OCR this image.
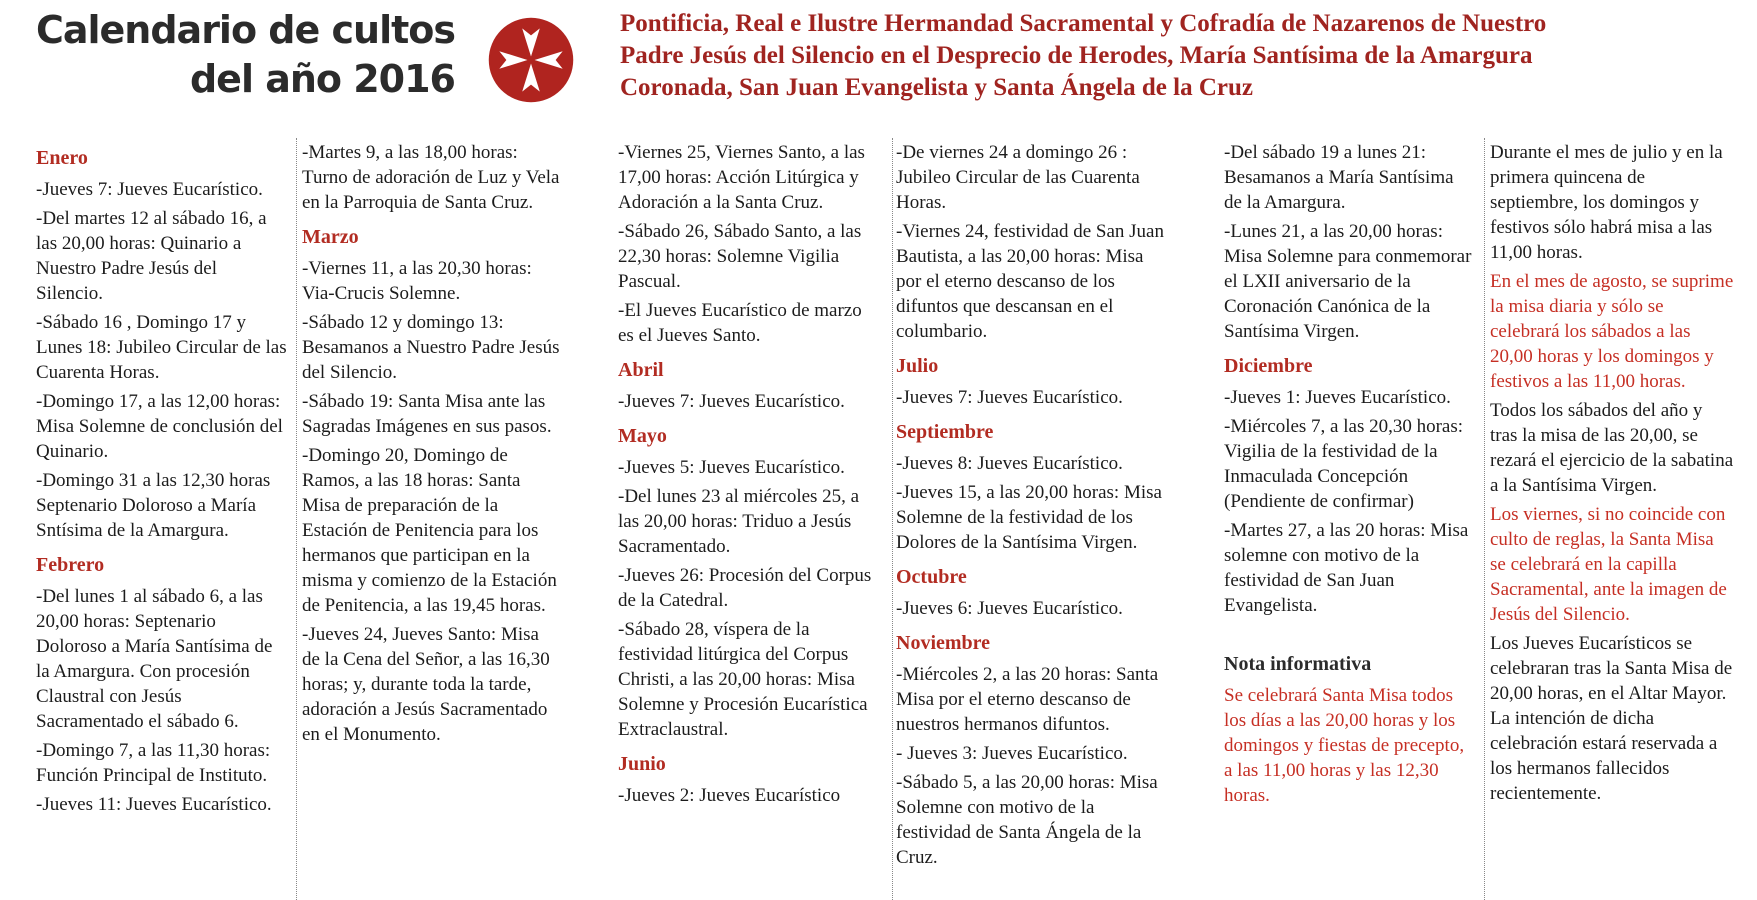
Calendario de cultos
del año 2016
Pontificia, Real e Ilustre Hermandad Sacramental y Cofradía de Nazarenos de Nuestro
Padre Jesús del Silencio en el Desprecio de Herodes, María Santísima de la Amargura
Coronada, San Juan Evangelista y Santa Ángela de la Cruz

Enero

-Jueves 7: Jueves Eucarístico.

-Del martes 12 al sábado 16, a las 20,00 horas: Quinario a Nuestro Padre Jesús del Silencio.

-Sábado 16 , Domingo 17 y Lunes 18: Jubileo Circular de las Cuarenta Horas.

-Domingo 17, a las 12,00 horas: Misa Solemne de conclusión del Quinario.

-Domingo 31 a las 12,30 horas Septenario Doloroso a María Sntísima de la Amargura.

Febrero

-Del lunes 1 al sábado 6, a las 20,00 horas: Septenario Doloroso a María Santísima de la Amargura. Con procesión Claustral con Jesús Sacramentado el sábado 6.

-Domingo 7, a las 11,30 horas: Función Principal de Instituto.

-Jueves 11: Jueves Eucarístico.

-Martes 9, a las 18,00 horas: Turno de adoración de Luz y Vela en la Parroquia de Santa Cruz.

Marzo

-Viernes 11, a las 20,30 horas: Via-Crucis Solemne.

-Sábado 12 y domingo 13: Besamanos a Nuestro Padre Jesús del Silencio.

-Sábado 19: Santa Misa ante las Sagradas Imágenes en sus pasos.

-Domingo 20, Domingo de Ramos, a las 18 horas: Santa Misa de preparación de la Estación de Penitencia para los hermanos que participan en la misma y comienzo de la Estación de Penitencia, a las 19,45 horas.

-Jueves 24, Jueves Santo: Misa de la Cena del Señor, a las 16,30 horas; y, durante toda la tarde, adoración a Jesús Sacramentado en el Monumento.

-Viernes 25, Viernes Santo, a las 17,00 horas: Acción Litúrgica y Adoración a la Santa Cruz.

-Sábado 26, Sábado Santo, a las 22,30 horas: Solemne Vigilia Pascual.

-El Jueves Eucarístico de marzo es el Jueves Santo.

Abril

-Jueves 7: Jueves Eucarístico.

Mayo

-Jueves 5: Jueves Eucarístico.

-Del lunes 23 al miércoles 25, a las 20,00 horas: Triduo a Jesús Sacramentado.

-Jueves 26: Procesión del Corpus de la Catedral.

-Sábado 28, víspera de la festividad litúrgica del Corpus Christi, a las 20,00 horas: Misa Solemne y Procesión Eucarística Extraclaustral.

Junio

-Jueves 2: Jueves Eucarístico

-De viernes 24 a domingo 26 : Jubileo Circular de las Cuarenta Horas.

-Viernes 24, festividad de San Juan Bautista, a las 20,00 horas: Misa por el eterno descanso de los difuntos que descansan en el columbario.

Julio

-Jueves 7: Jueves Eucarístico.

Septiembre

-Jueves 8: Jueves Eucarístico.

-Jueves 15, a las 20,00 horas: Misa Solemne de la festividad de los Dolores de la Santísima Virgen.

Octubre

-Jueves 6: Jueves Eucarístico.

Noviembre

-Miércoles 2, a las 20 horas: Santa Misa por el eterno descanso de nuestros hermanos difuntos.

- Jueves 3: Jueves Eucarístico.

-Sábado 5, a las 20,00 horas: Misa Solemne con motivo de la festividad de Santa Ángela de la Cruz.

-Del sábado 19 a lunes 21: Besamanos a María Santísima de la Amargura.

-Lunes 21, a las 20,00 horas: Misa Solemne para conmemorar el LXII aniversario de la Coronación Canónica de la Santísima Virgen.

Diciembre

-Jueves 1: Jueves Eucarístico.

-Miércoles 7, a las 20,30 horas: Vigilia de la festividad de la Inmaculada Concepción (Pendiente de confirmar)

-Martes 27, a las 20 horas: Misa solemne con motivo de la festividad de San Juan Evangelista.

Nota informativa

Se celebrará Santa Misa todos los días a las 20,00 horas y los domingos y fiestas de precepto, a las 11,00 horas y las 12,30 horas.

Durante el mes de julio y en la primera quincena de septiembre, los domingos y festivos sólo habrá misa a las 11,00 horas.

En el mes de agosto, se suprime la misa diaria y sólo se celebrará los sábados a las 20,00 horas y los domingos y festivos a las 11,00 horas.

Todos los sábados del año y tras la misa de las 20,00, se rezará el ejercicio de la sabatina a la Santísima Virgen.

Los viernes, si no coincide con culto de reglas, la Santa Misa se celebrará en la capilla Sacramental, ante la imagen de Jesús del Silencio.

Los Jueves Eucarísticos se celebraran tras la Santa Misa de 20,00 horas, en el Altar Mayor. La intención de dicha celebración estará reservada a los hermanos fallecidos recientemente.
